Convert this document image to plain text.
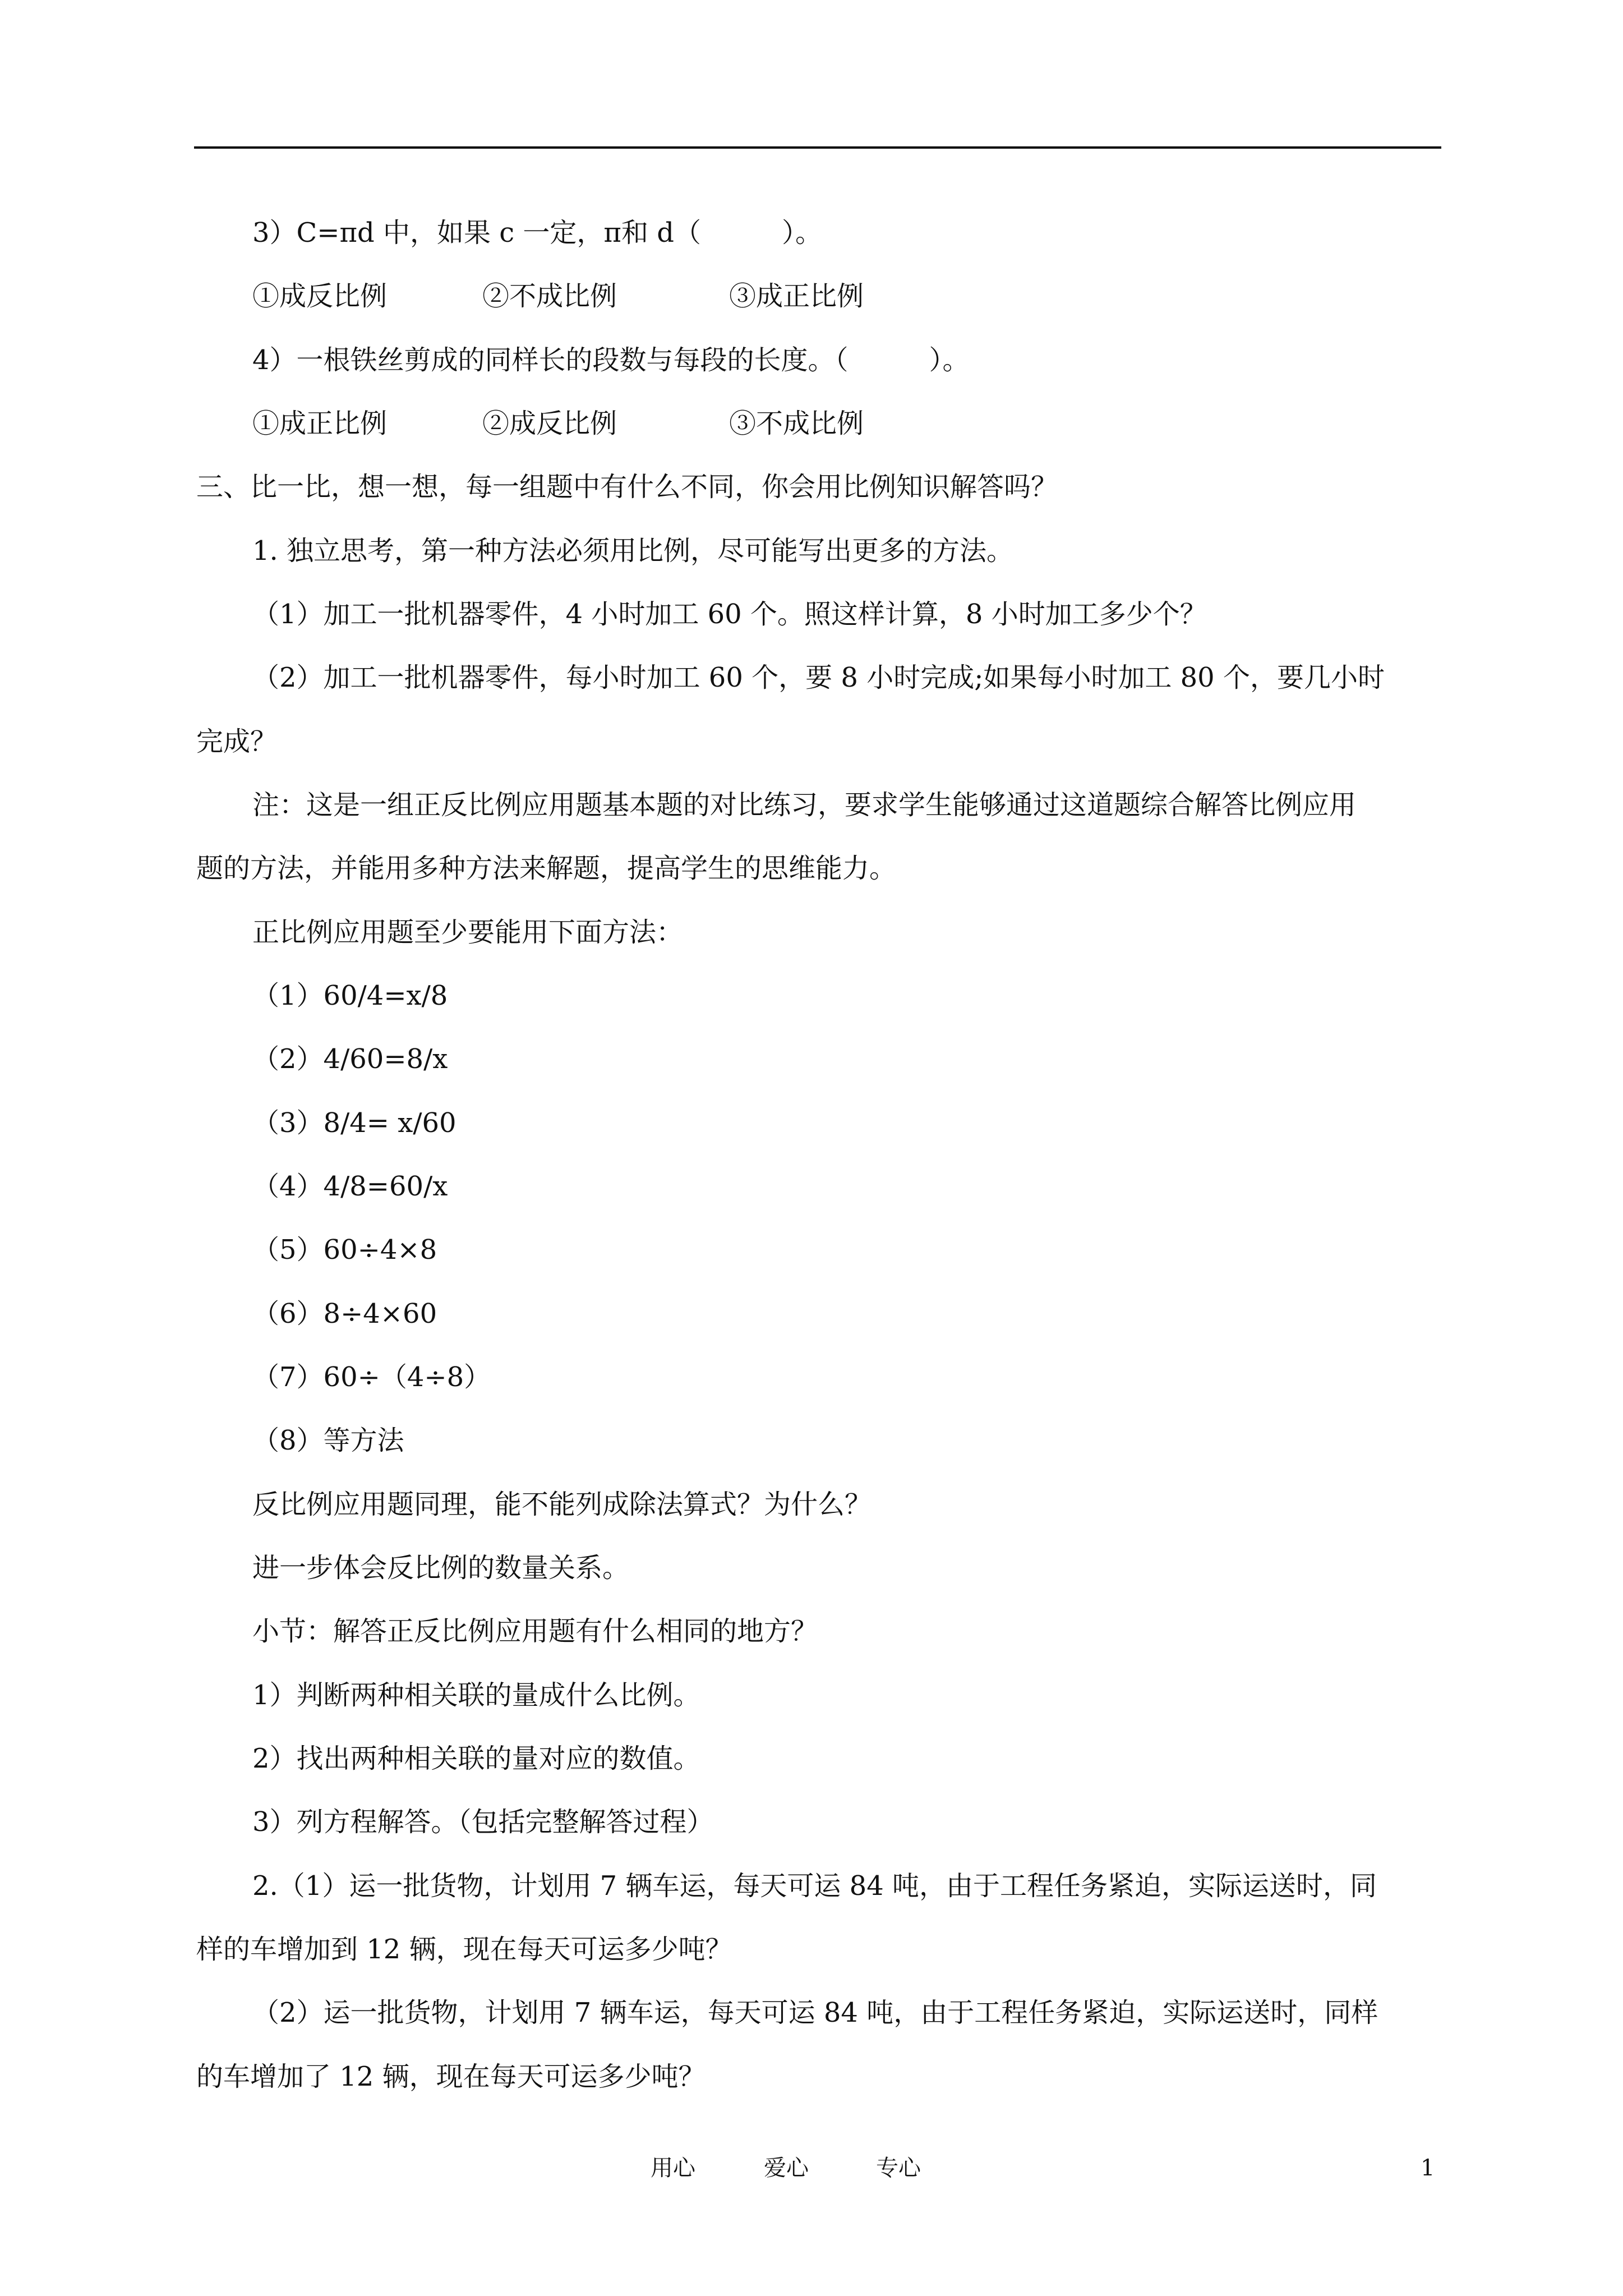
3）C=πd 中，如果 c 一定，π和 d（　　　）。
①成反比例	②不成比例	③成正比例
4）一根铁丝剪成的同样长的段数与每段的长度。（　　　）。
①成正比例	②成反比例	③不成比例
三、比一比，想一想，每一组题中有什么不同，你会用比例知识解答吗？
1. 独立思考，第一种方法必须用比例，尽可能写出更多的方法。
（1）加工一批机器零件，4 小时加工 60 个。照这样计算，8 小时加工多少个？
（2）加工一批机器零件，每小时加工 60 个，要 8 小时完成;如果每小时加工 80 个，要几小时
完成？
注：这是一组正反比例应用题基本题的对比练习，要求学生能够通过这道题综合解答比例应用
题的方法，并能用多种方法来解题，提高学生的思维能力。
正比例应用题至少要能用下面方法：
（1）60/4=x/8
（2）4/60=8/x
（3）8/4= x/60
（4）4/8=60/x
（5）60÷4×8
（6）8÷4×60
（7）60÷（4÷8）
（8）等方法
反比例应用题同理，能不能列成除法算式？为什么？
进一步体会反比例的数量关系。
小节：解答正反比例应用题有什么相同的地方？
1）判断两种相关联的量成什么比例。
2）找出两种相关联的量对应的数值。
3）列方程解答。（包括完整解答过程）
2.（1）运一批货物，计划用 7 辆车运，每天可运 84 吨，由于工程任务紧迫，实际运送时，同
样的车增加到 12 辆，现在每天可运多少吨？
（2）运一批货物，计划用 7 辆车运，每天可运 84 吨，由于工程任务紧迫，实际运送时，同样
的车增加了 12 辆，现在每天可运多少吨？
用心	爱心	专心	1
